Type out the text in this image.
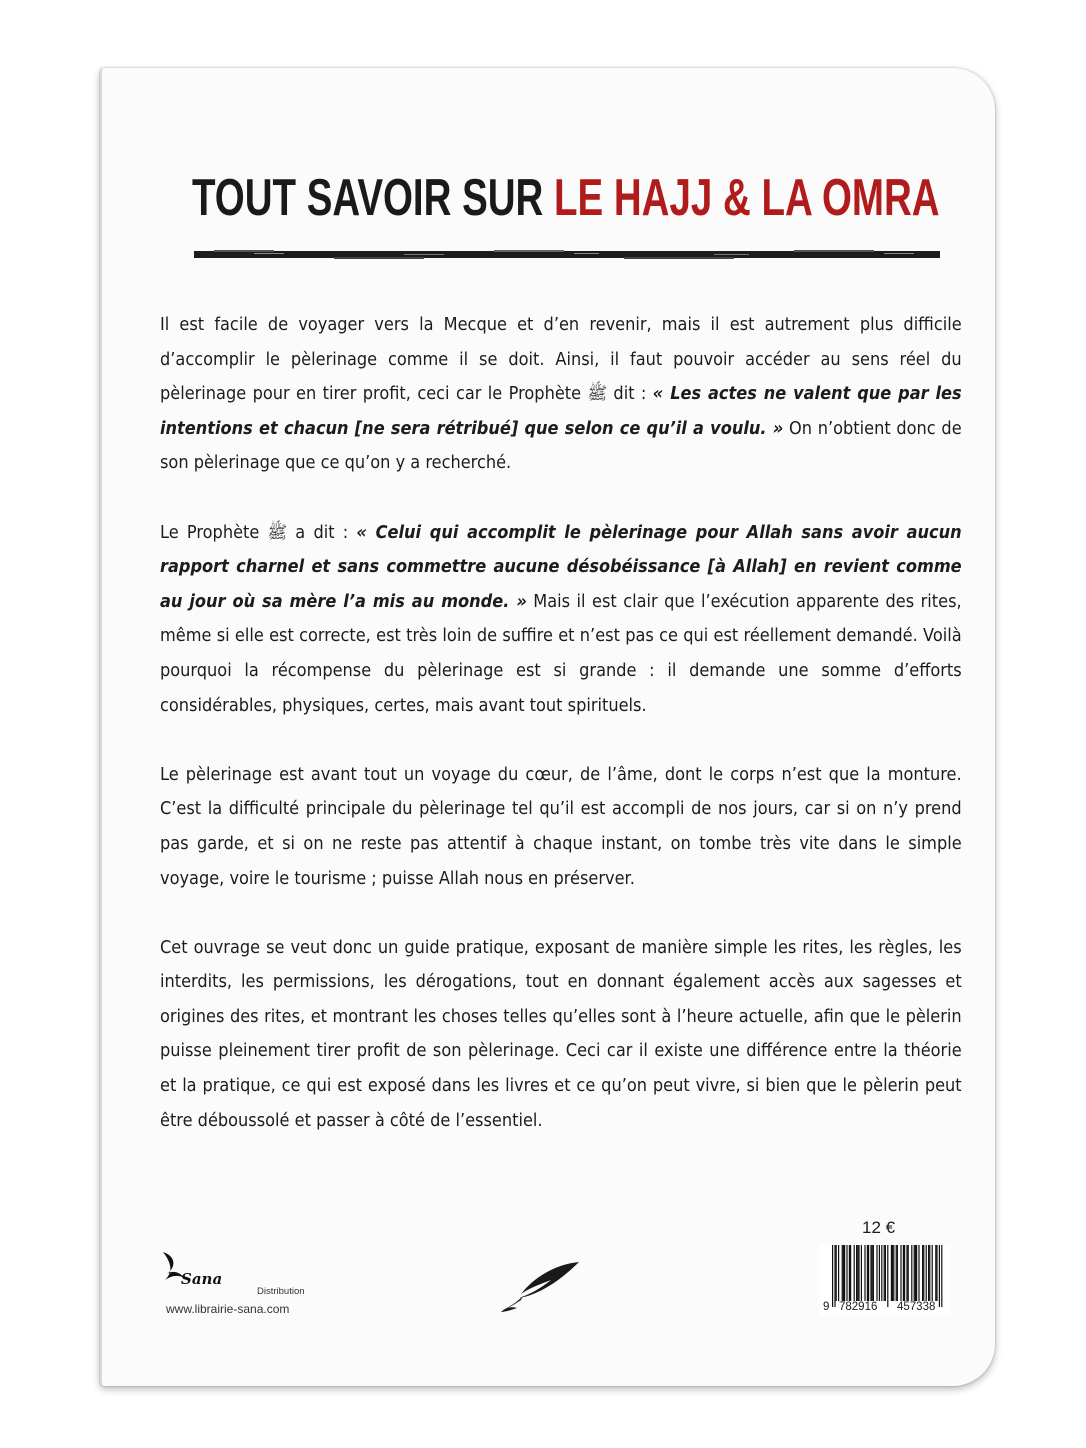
TOUT SAVOIR SUR LE HAJJ & LA OMRA

Il est facile de voyager vers la Mecque et d’en revenir, mais il est autrement plus difficile d’accomplir le pèlerinage comme il se doit. Ainsi, il faut pouvoir accéder au sens réel du pèlerinage pour en tirer profit, ceci car le Prophète ﷺ dit : « Les actes ne valent que par les intentions et chacun [ne sera rétribué] que selon ce qu’il a voulu. » On n’obtient donc de son pèlerinage que ce qu’on y a recherché.

Le Prophète ﷺ a dit : « Celui qui accomplit le pèlerinage pour Allah sans avoir aucun rapport charnel et sans commettre aucune désobéissance [à Allah] en revient comme au jour où sa mère l’a mis au monde. » Mais il est clair que l’exécution apparente des rites, même si elle est correcte, est très loin de suffire et n’est pas ce qui est réellement demandé. Voilà pourquoi la récompense du pèlerinage est si grande : il demande une somme d’efforts considérables, physiques, certes, mais avant tout spirituels.

Le pèlerinage est avant tout un voyage du cœur, de l’âme, dont le corps n’est que la monture. C’est la difficulté principale du pèlerinage tel qu’il est accompli de nos jours, car si on n’y prend pas garde, et si on ne reste pas attentif à chaque instant, on tombe très vite dans le simple voyage, voire le tourisme ; puisse Allah nous en préserver.

Cet ouvrage se veut donc un guide pratique, exposant de manière simple les rites, les règles, les interdits, les permissions, les dérogations, tout en donnant également accès aux sagesses et origines des rites, et montrant les choses telles qu’elles sont à l’heure actuelle, afin que le pèlerin puisse pleinement tirer profit de son pèlerinage. Ceci car il existe une différence entre la théorie et la pratique, ce qui est exposé dans les livres et ce qu’on peut vivre, si bien que le pèlerin peut être déboussolé et passer à côté de l’essentiel.

Sana
Distribution
www.librairie-sana.com
12 €
9 782916 457338
